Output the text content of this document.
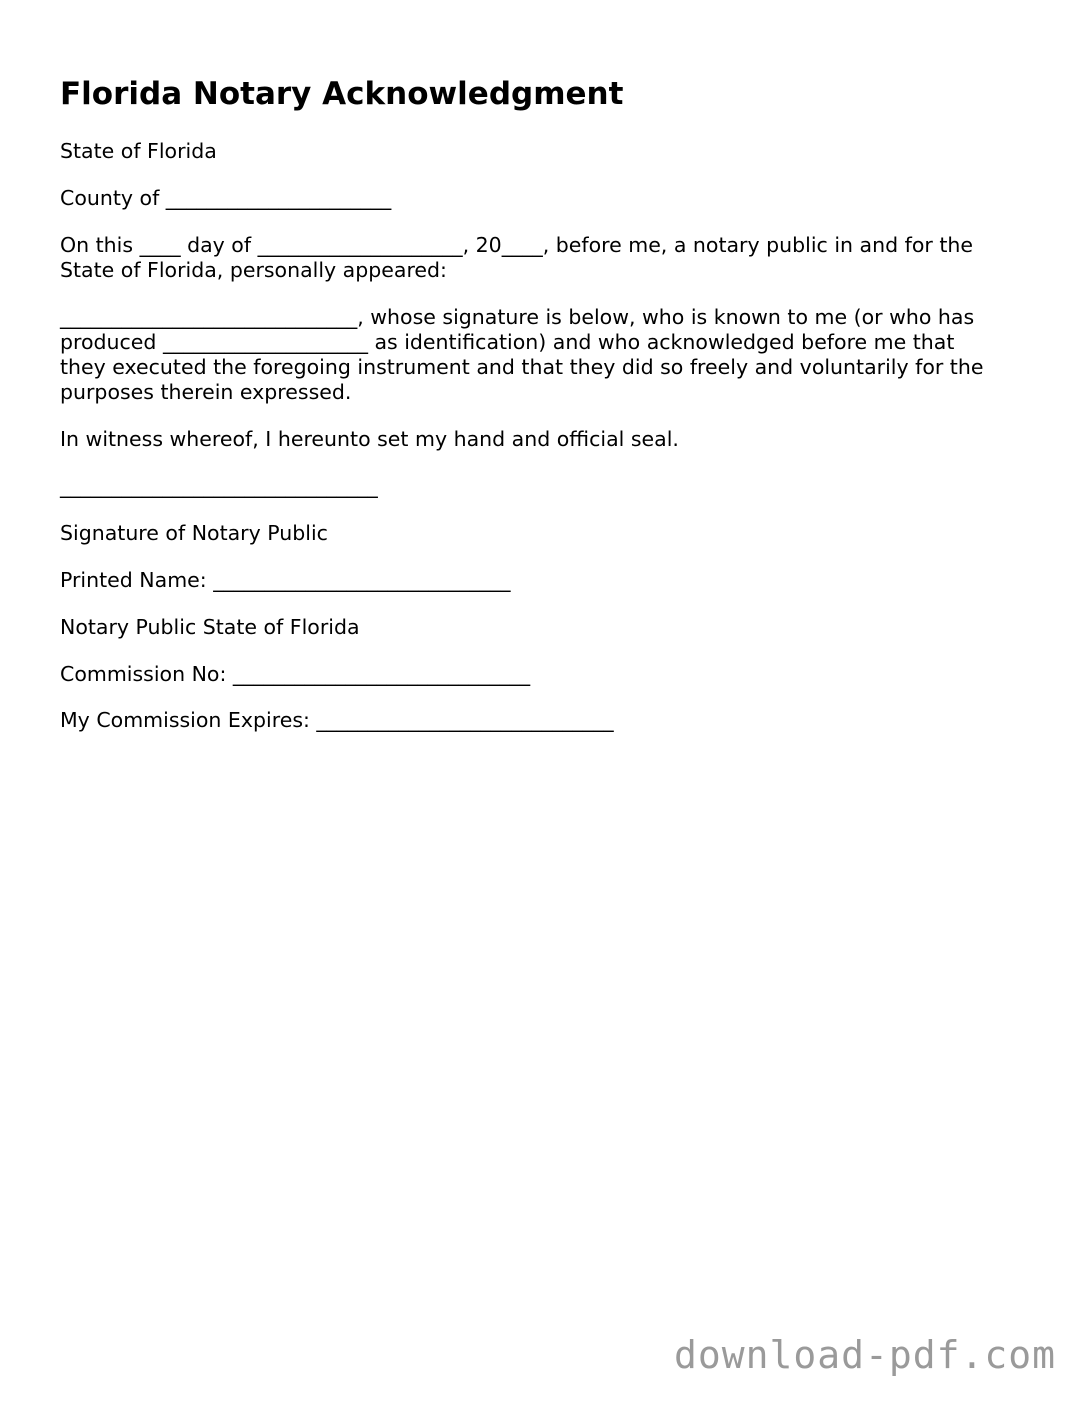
Florida Notary Acknowledgment

State of Florida

County of ______________________

On this ____ day of ____________________, 20____, before me, a notary public in and for the
State of Florida, personally appeared:
_____________________________, whose signature is below, who is known to me (or who has
produced ____________________ as identification) and who acknowledged before me that
they executed the foregoing instrument and that they did so freely and voluntarily for the
purposes therein expressed.

In witness whereof, I hereunto set my hand and official seal.

_______________________________

Signature of Notary Public

Printed Name: _____________________________

Notary Public State of Florida

Commission No: _____________________________

My Commission Expires: _____________________________

download-pdf.com
